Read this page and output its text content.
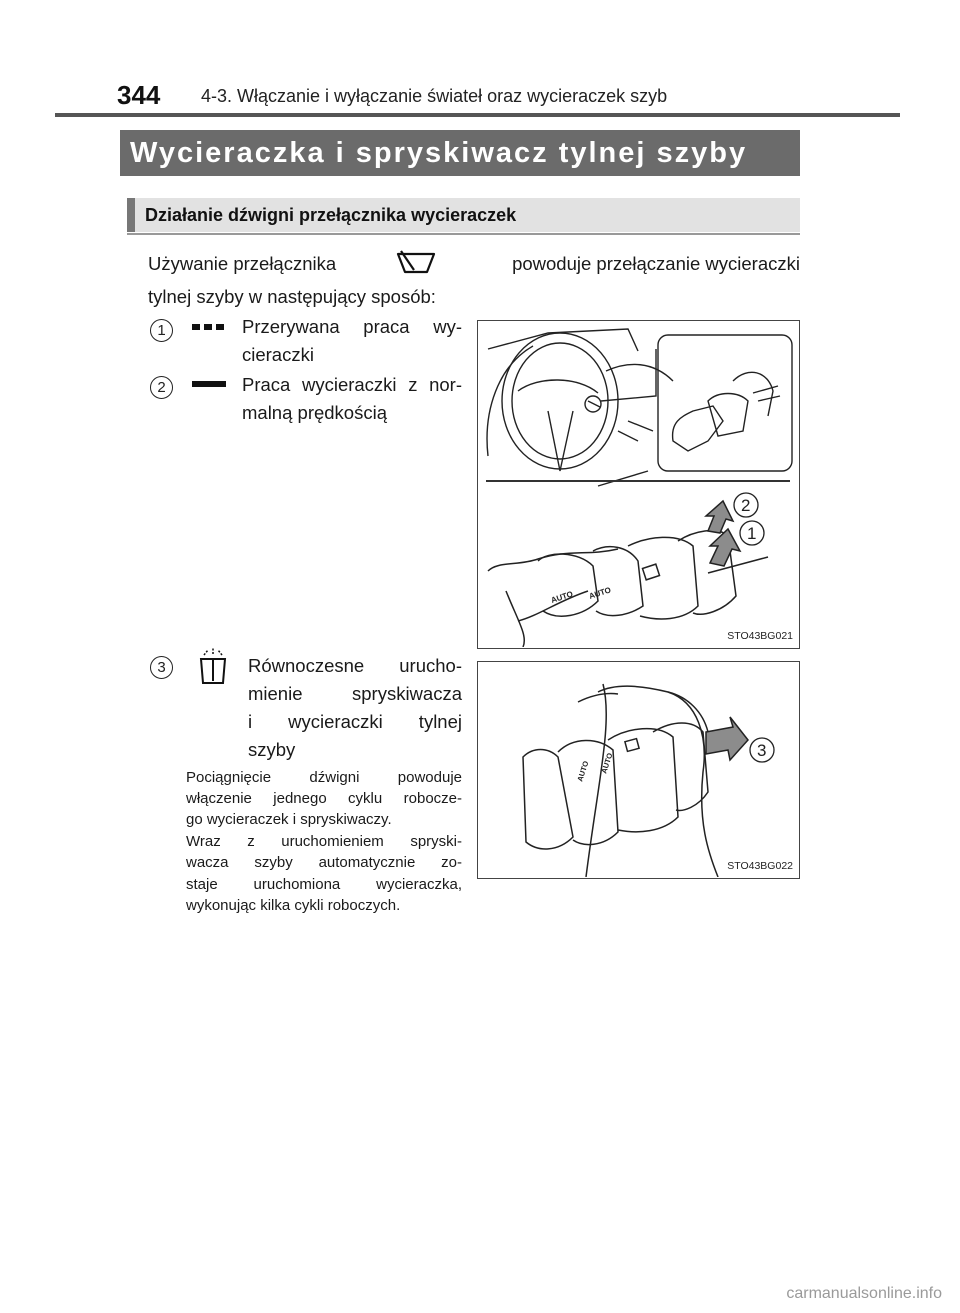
344 4-3. Włączanie i wyłączanie świateł oraz wycieraczek szyb
Wycieraczka i spryskiwacz tylnej szyby
Działanie dźwigni przełącznika wycieraczek
Używanie przełącznika	powoduje przełączanie wycieraczki
tylnej szyby w następujący sposób:
1	Przerywana praca wy-
cieraczki
2	Praca wycieraczki z nor-
malną prędkością
AUTO AUTO
2
1
STO43BG021
3	Równoczesne urucho-
mienie spryskiwacza
i wycieraczki tylnej
szyby
Pociągnięcie dźwigni powoduje
włączenie jednego cyklu robocze-
go wycieraczek i spryskiwaczy.
Wraz z uruchomieniem spryski-
wacza szyby automatycznie zo-
staje uruchomiona wycieraczka,
wykonując kilka cykli roboczych.
AUTO AUTO
3
STO43BG022
carmanualsonline.info
